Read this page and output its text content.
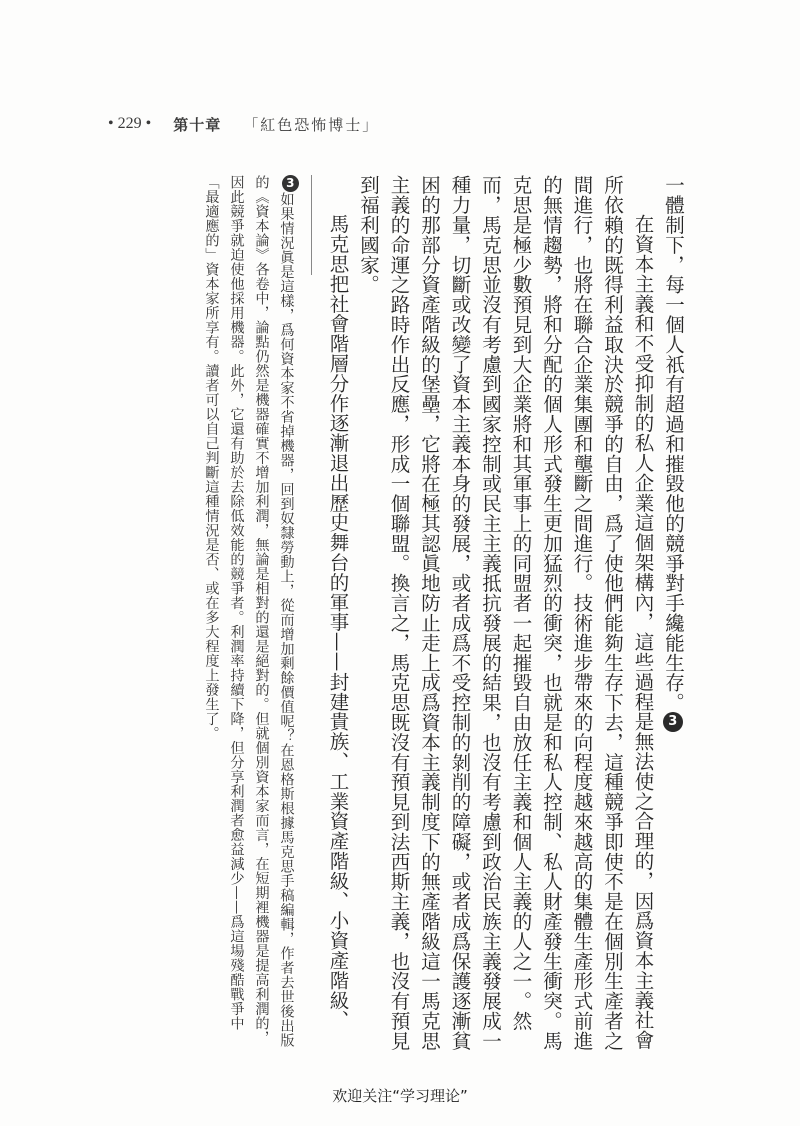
• 229 • 第十章 「紅色恐怖博士」

一體制下，每一個人祇有超過和摧毀他的競爭對手纔能生存。3

在資本主義和不受抑制的私人企業這個架構內，這些過程是無法使之合理的，因爲資本主義社會所依賴的既得利益取決於競爭的自由，爲了使他們能夠生存下去，這種競爭即使不是在個別生產者之間進行，也將在聯合企業集團和壟斷之間進行。技術進步帶來的向程度越來越高的集體生產形式前進的無情趨勢，將和分配的個人形式發生更加猛烈的衝突，也就是和私人控制、私人財產發生衝突。馬克思是極少數預見到大企業將和其軍事上的同盟者一起摧毀自由放任主義和個人主義的人之一。然而，馬克思並沒有考慮到國家控制或民主主義抵抗發展的結果，也沒有考慮到政治民族主義發展成一種力量，切斷或改變了資本主義本身的發展，或者成爲不受控制的剝削的障礙，或者成爲保護逐漸貧困的那部分資產階級的堡壘，它將在極其認眞地防止走上成爲資本主義制度下的無產階級這一馬克思主義的命運之路時作出反應，形成一個聯盟。換言之，馬克思既沒有預見到法西斯主義，也沒有預見到福利國家。

馬克思把社會階層分作逐漸退出歷史舞台的軍事——封建貴族、工業資產階級、小資產階級、

3如果情況眞是這樣，爲何資本家不省掉機器，回到奴隸勞動上，從而增加剩餘價值呢？在恩格斯根據馬克思手稿編輯，作者去世後出版的《資本論》各卷中，論點仍然是機器確實不增加利潤，無論是相對的還是絕對的。但就個別資本家而言，在短期裡機器是提高利潤的，因此競爭就迫使他採用機器。此外，它還有助於去除低效能的競爭者。利潤率持續下降，但分享利潤者愈益減少——爲這場殘酷戰爭中「最適應的」資本家所享有。讀者可以自己判斷這種情況是否、或在多大程度上發生了。

欢迎关注“学习理论”
